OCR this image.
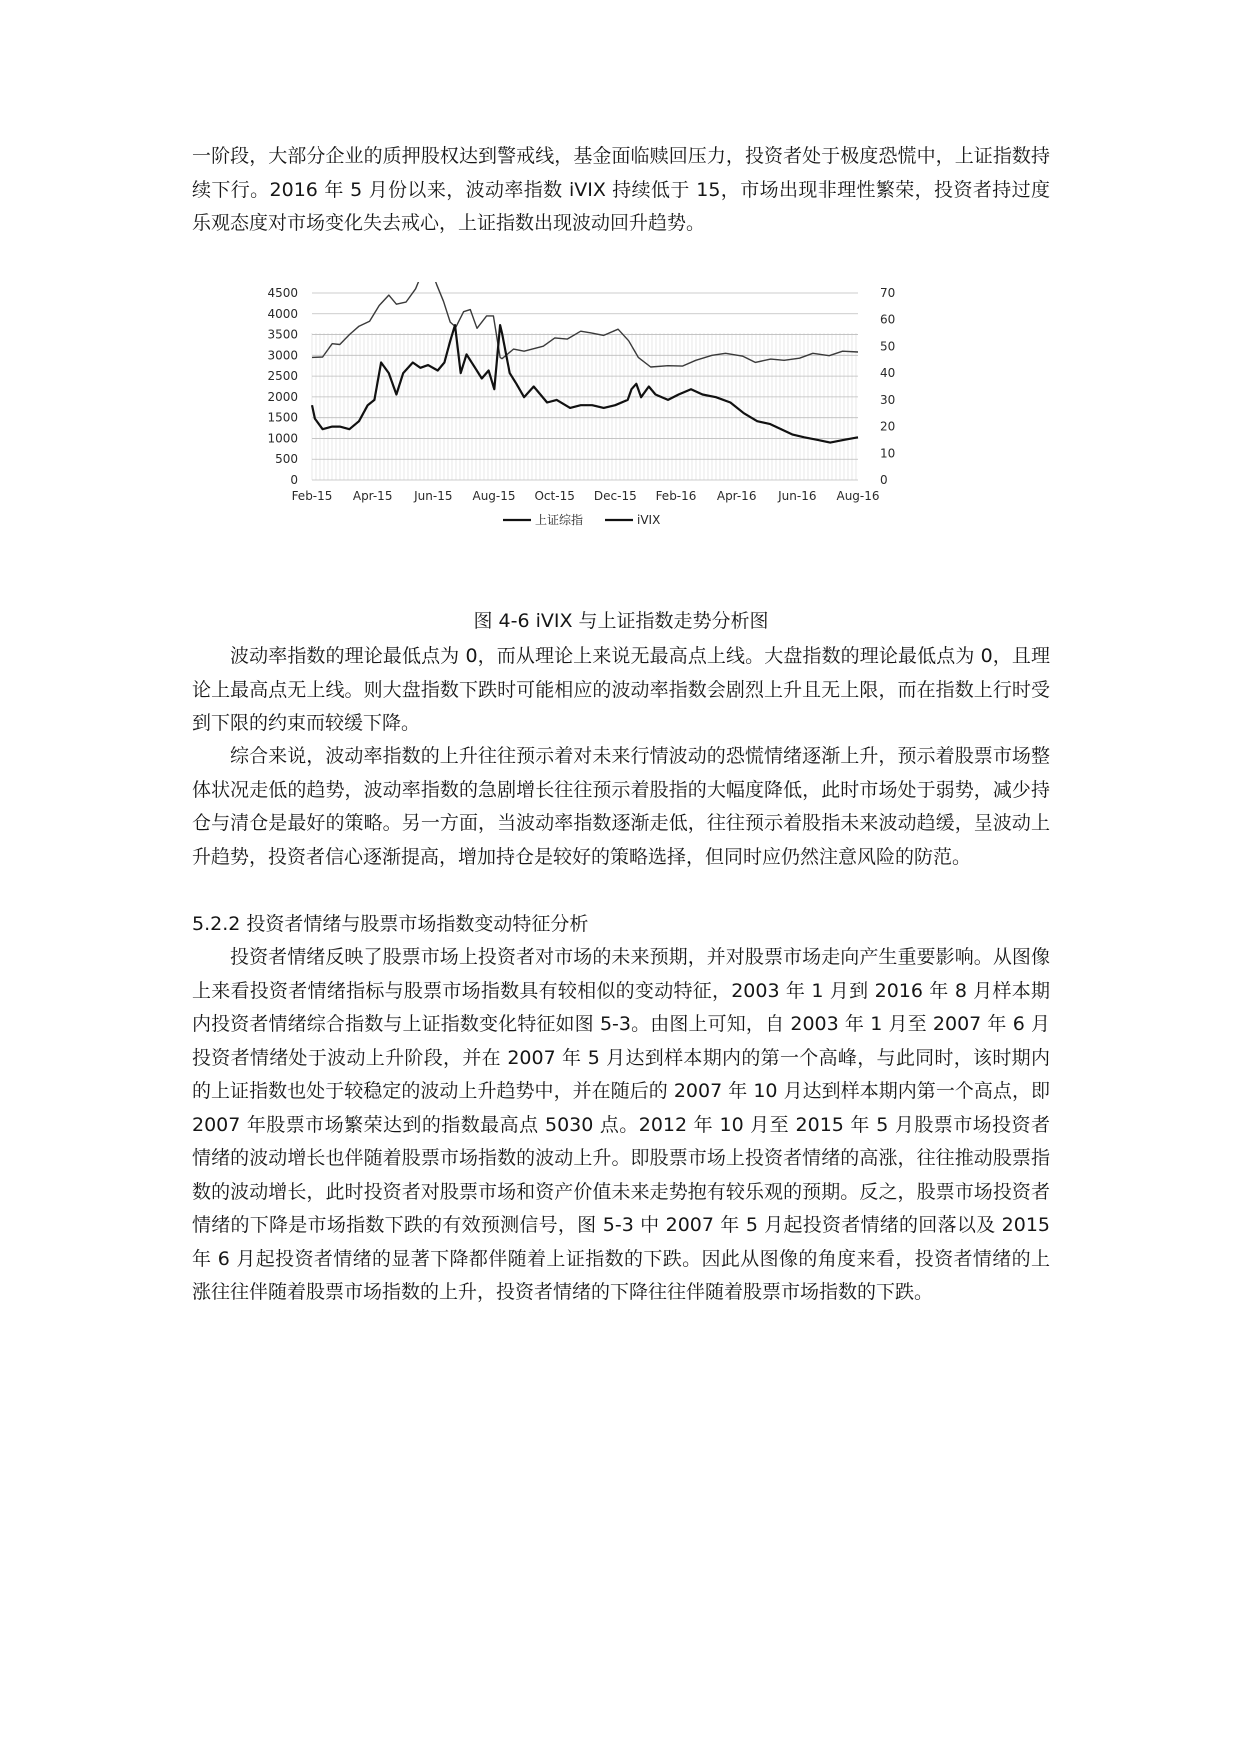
一阶段，大部分企业的质押股权达到警戒线，基金面临赎回压力，投资者处于极度恐慌中，上证指数持续下行。2016 年 5 月份以来，波动率指数 iVIX 持续低于 15，市场出现非理性繁荣，投资者持过度乐观态度对市场变化失去戒心，上证指数出现波动回升趋势。

0
500
1000
1500
2000
2500
3000
3500
4000
4500
0
10
20
30
40
50
60
70
Feb-15 Apr-15 Jun-15 Aug-15 Oct-15 Dec-15 Feb-16 Apr-16 Jun-16 Aug-16
上证综指	iVIX
图 4-6 iVIX 与上证指数走势分析图

波动率指数的理论最低点为 0，而从理论上来说无最高点上线。大盘指数的理论最低点为 0，且理论上最高点无上线。则大盘指数下跌时可能相应的波动率指数会剧烈上升且无上限，而在指数上行时受到下限的约束而较缓下降。

综合来说，波动率指数的上升往往预示着对未来行情波动的恐慌情绪逐渐上升，预示着股票市场整体状况走低的趋势，波动率指数的急剧增长往往预示着股指的大幅度降低，此时市场处于弱势，减少持仓与清仓是最好的策略。另一方面，当波动率指数逐渐走低，往往预示着股指未来波动趋缓，呈波动上升趋势，投资者信心逐渐提高，增加持仓是较好的策略选择，但同时应仍然注意风险的防范。

5.2.2 投资者情绪与股票市场指数变动特征分析

投资者情绪反映了股票市场上投资者对市场的未来预期，并对股票市场走向产生重要影响。从图像上来看投资者情绪指标与股票市场指数具有较相似的变动特征，2003 年 1 月到 2016 年 8 月样本期内投资者情绪综合指数与上证指数变化特征如图 5-3。由图上可知，自 2003 年 1 月至 2007 年 6 月投资者情绪处于波动上升阶段，并在 2007 年 5 月达到样本期内的第一个高峰，与此同时，该时期内的上证指数也处于较稳定的波动上升趋势中，并在随后的 2007 年 10 月达到样本期内第一个高点，即 2007 年股票市场繁荣达到的指数最高点 5030 点。2012 年 10 月至 2015 年 5 月股票市场投资者情绪的波动增长也伴随着股票市场指数的波动上升。即股票市场上投资者情绪的高涨，往往推动股票指数的波动增长，此时投资者对股票市场和资产价值未来走势抱有较乐观的预期。反之，股票市场投资者情绪的下降是市场指数下跌的有效预测信号，图 5-3 中 2007 年 5 月起投资者情绪的回落以及 2015 年 6 月起投资者情绪的显著下降都伴随着上证指数的下跌。因此从图像的角度来看，投资者情绪的上涨往往伴随着股票市场指数的上升，投资者情绪的下降往往伴随着股票市场指数的下跌。
